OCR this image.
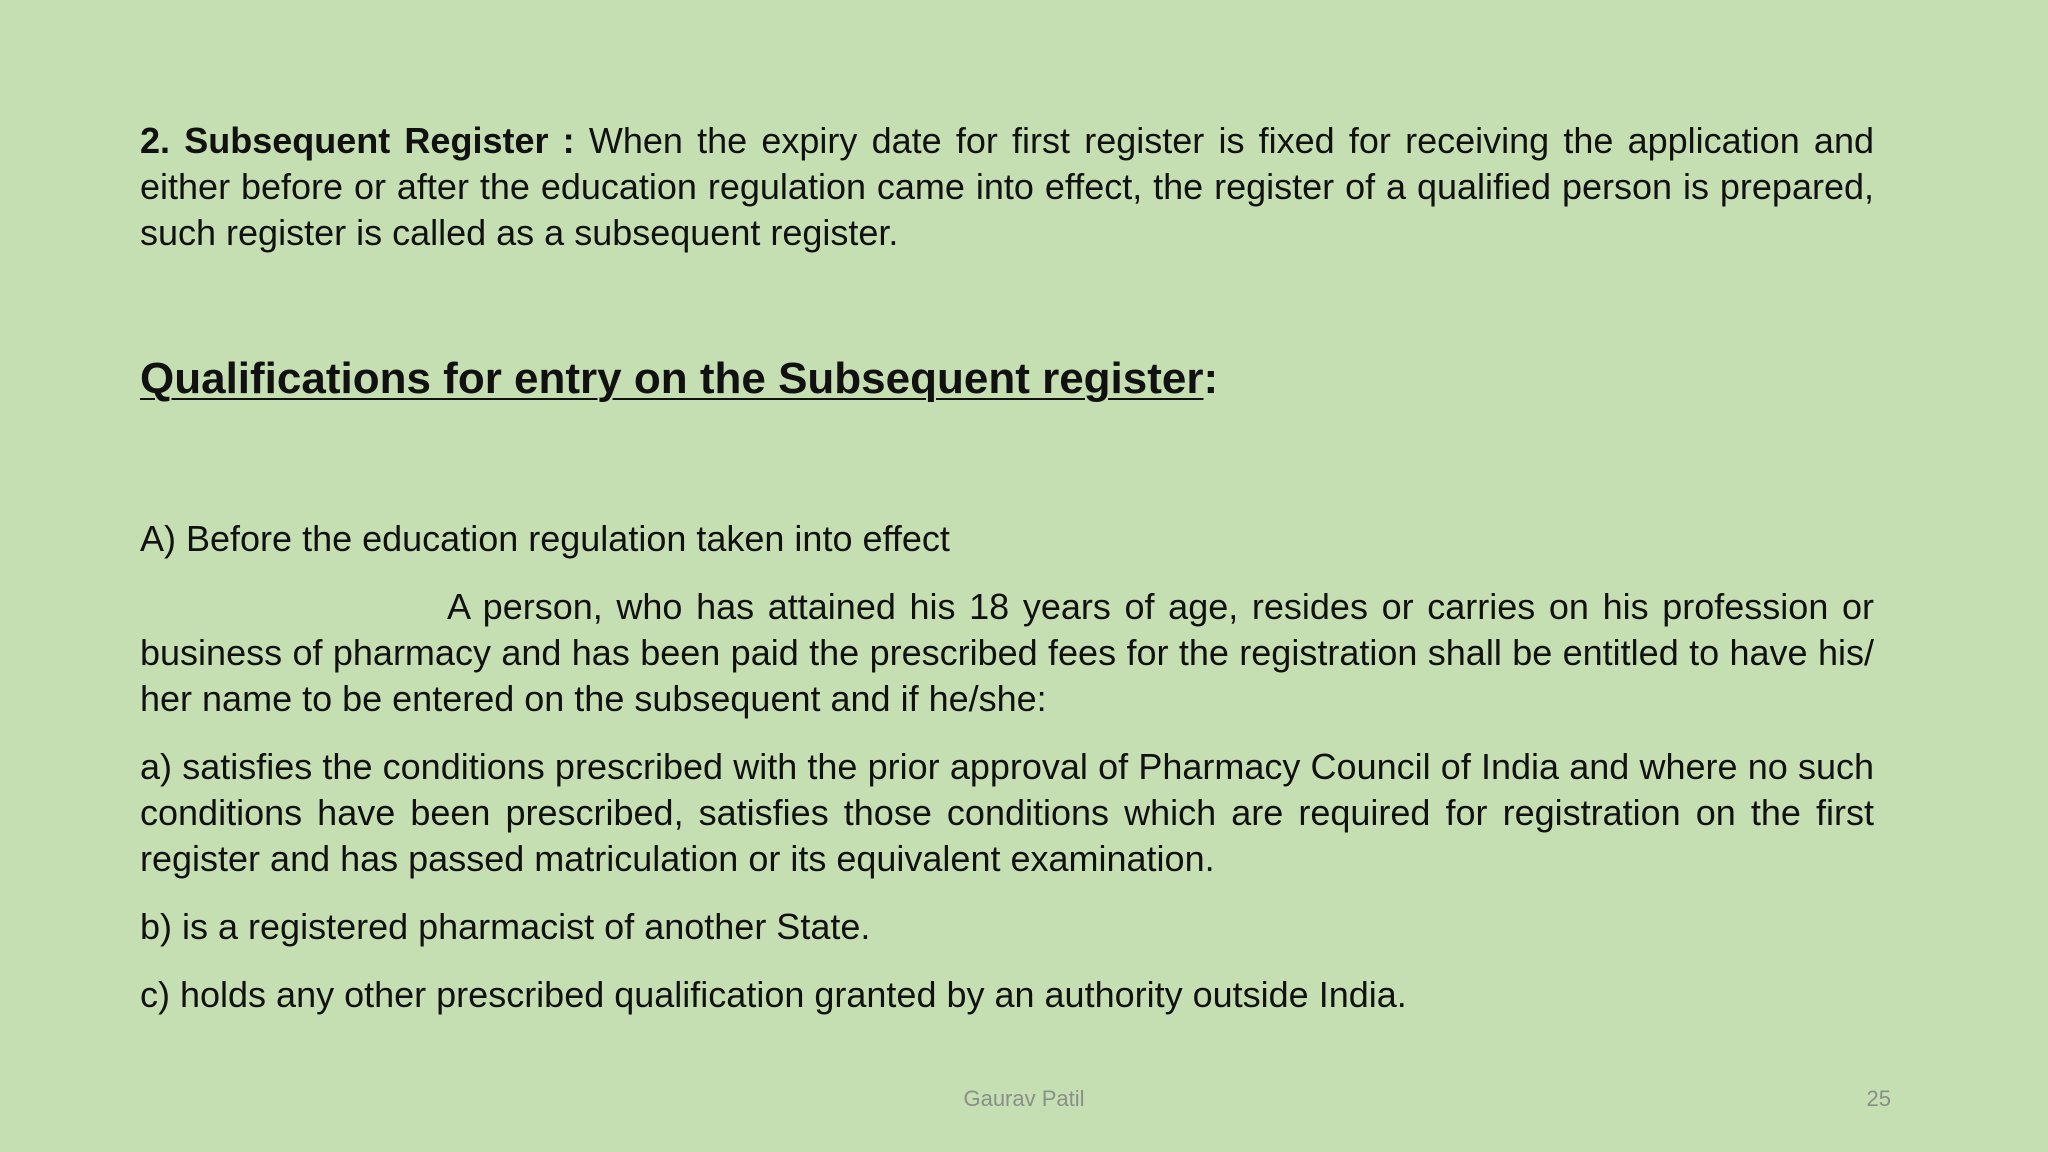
2. Subsequent Register : When the expiry date for first register is fixed for receiving the application and either before or after the education regulation came into effect, the register of a qualified person is prepared, such register is called as a subsequent register.

Qualifications for entry on the Subsequent register:

A) Before the education regulation taken into effect

A person, who has attained his 18 years of age, resides or carries on his profession or business of pharmacy and has been paid the prescribed fees for the registration shall be entitled to have his/ her name to be entered on the subsequent and if he/she:

a) satisfies the conditions prescribed with the prior approval of Pharmacy Council of India and where no such conditions have been prescribed, satisfies those conditions which are required for registration on the first register and has passed matriculation or its equivalent examination.

b) is a registered pharmacist of another State.

c) holds any other prescribed qualification granted by an authority outside India.

Gaurav Patil	25
